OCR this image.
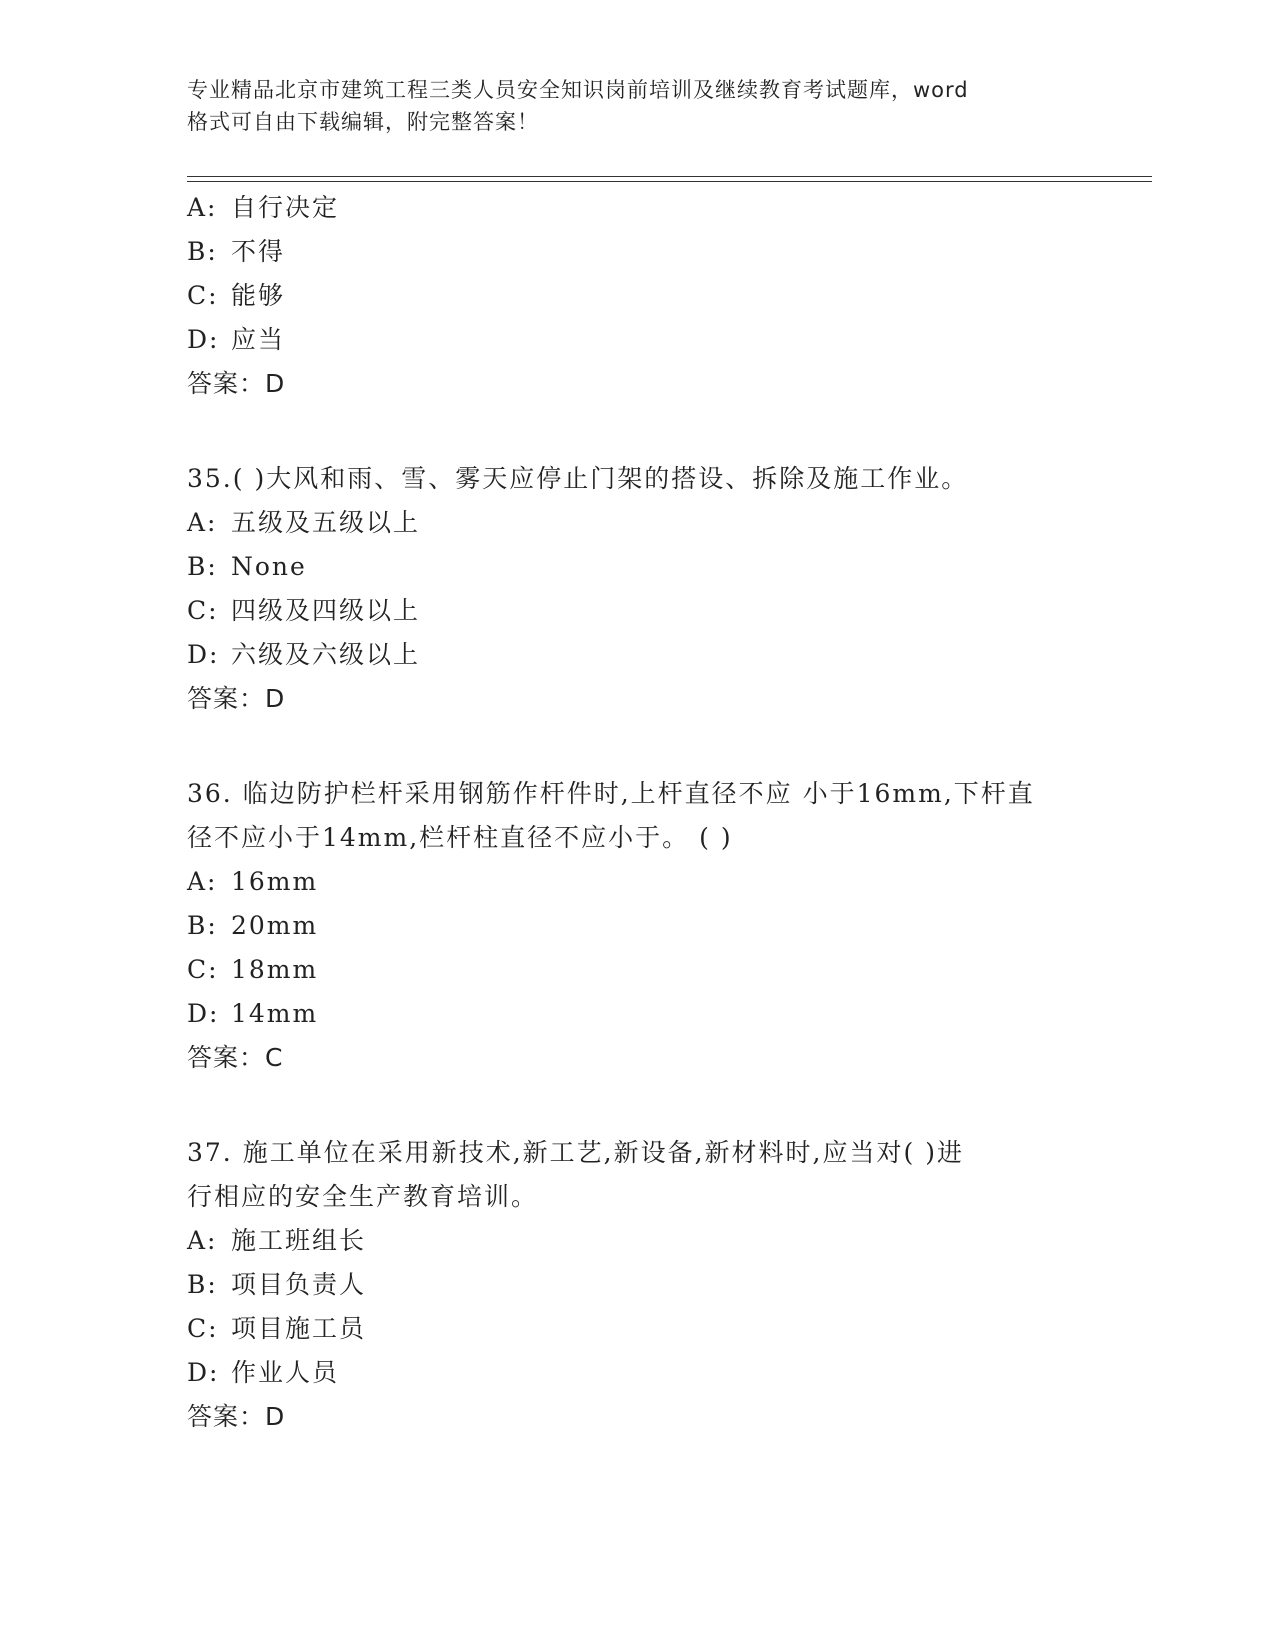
专业精品北京市建筑工程三类人员安全知识岗前培训及继续教育考试题库，word
格式可自由下载编辑，附完整答案！
A: 自行决定
B: 不得
C: 能够
D: 应当
答案：D
35.( )大风和雨、雪、雾天应停止门架的搭设、拆除及施工作业。
A: 五级及五级以上
B: None
C: 四级及四级以上
D: 六级及六级以上
答案：D
36. 临边防护栏杆采用钢筋作杆件时,上杆直径不应 小于16mm,下杆直
径不应小于14mm,栏杆柱直径不应小于。 ( )
A: 16mm
B: 20mm
C: 18mm
D: 14mm
答案：C
37. 施工单位在采用新技术,新工艺,新设备,新材料时,应当对( )进
行相应的安全生产教育培训。
A: 施工班组长
B: 项目负责人
C: 项目施工员
D: 作业人员
答案：D
